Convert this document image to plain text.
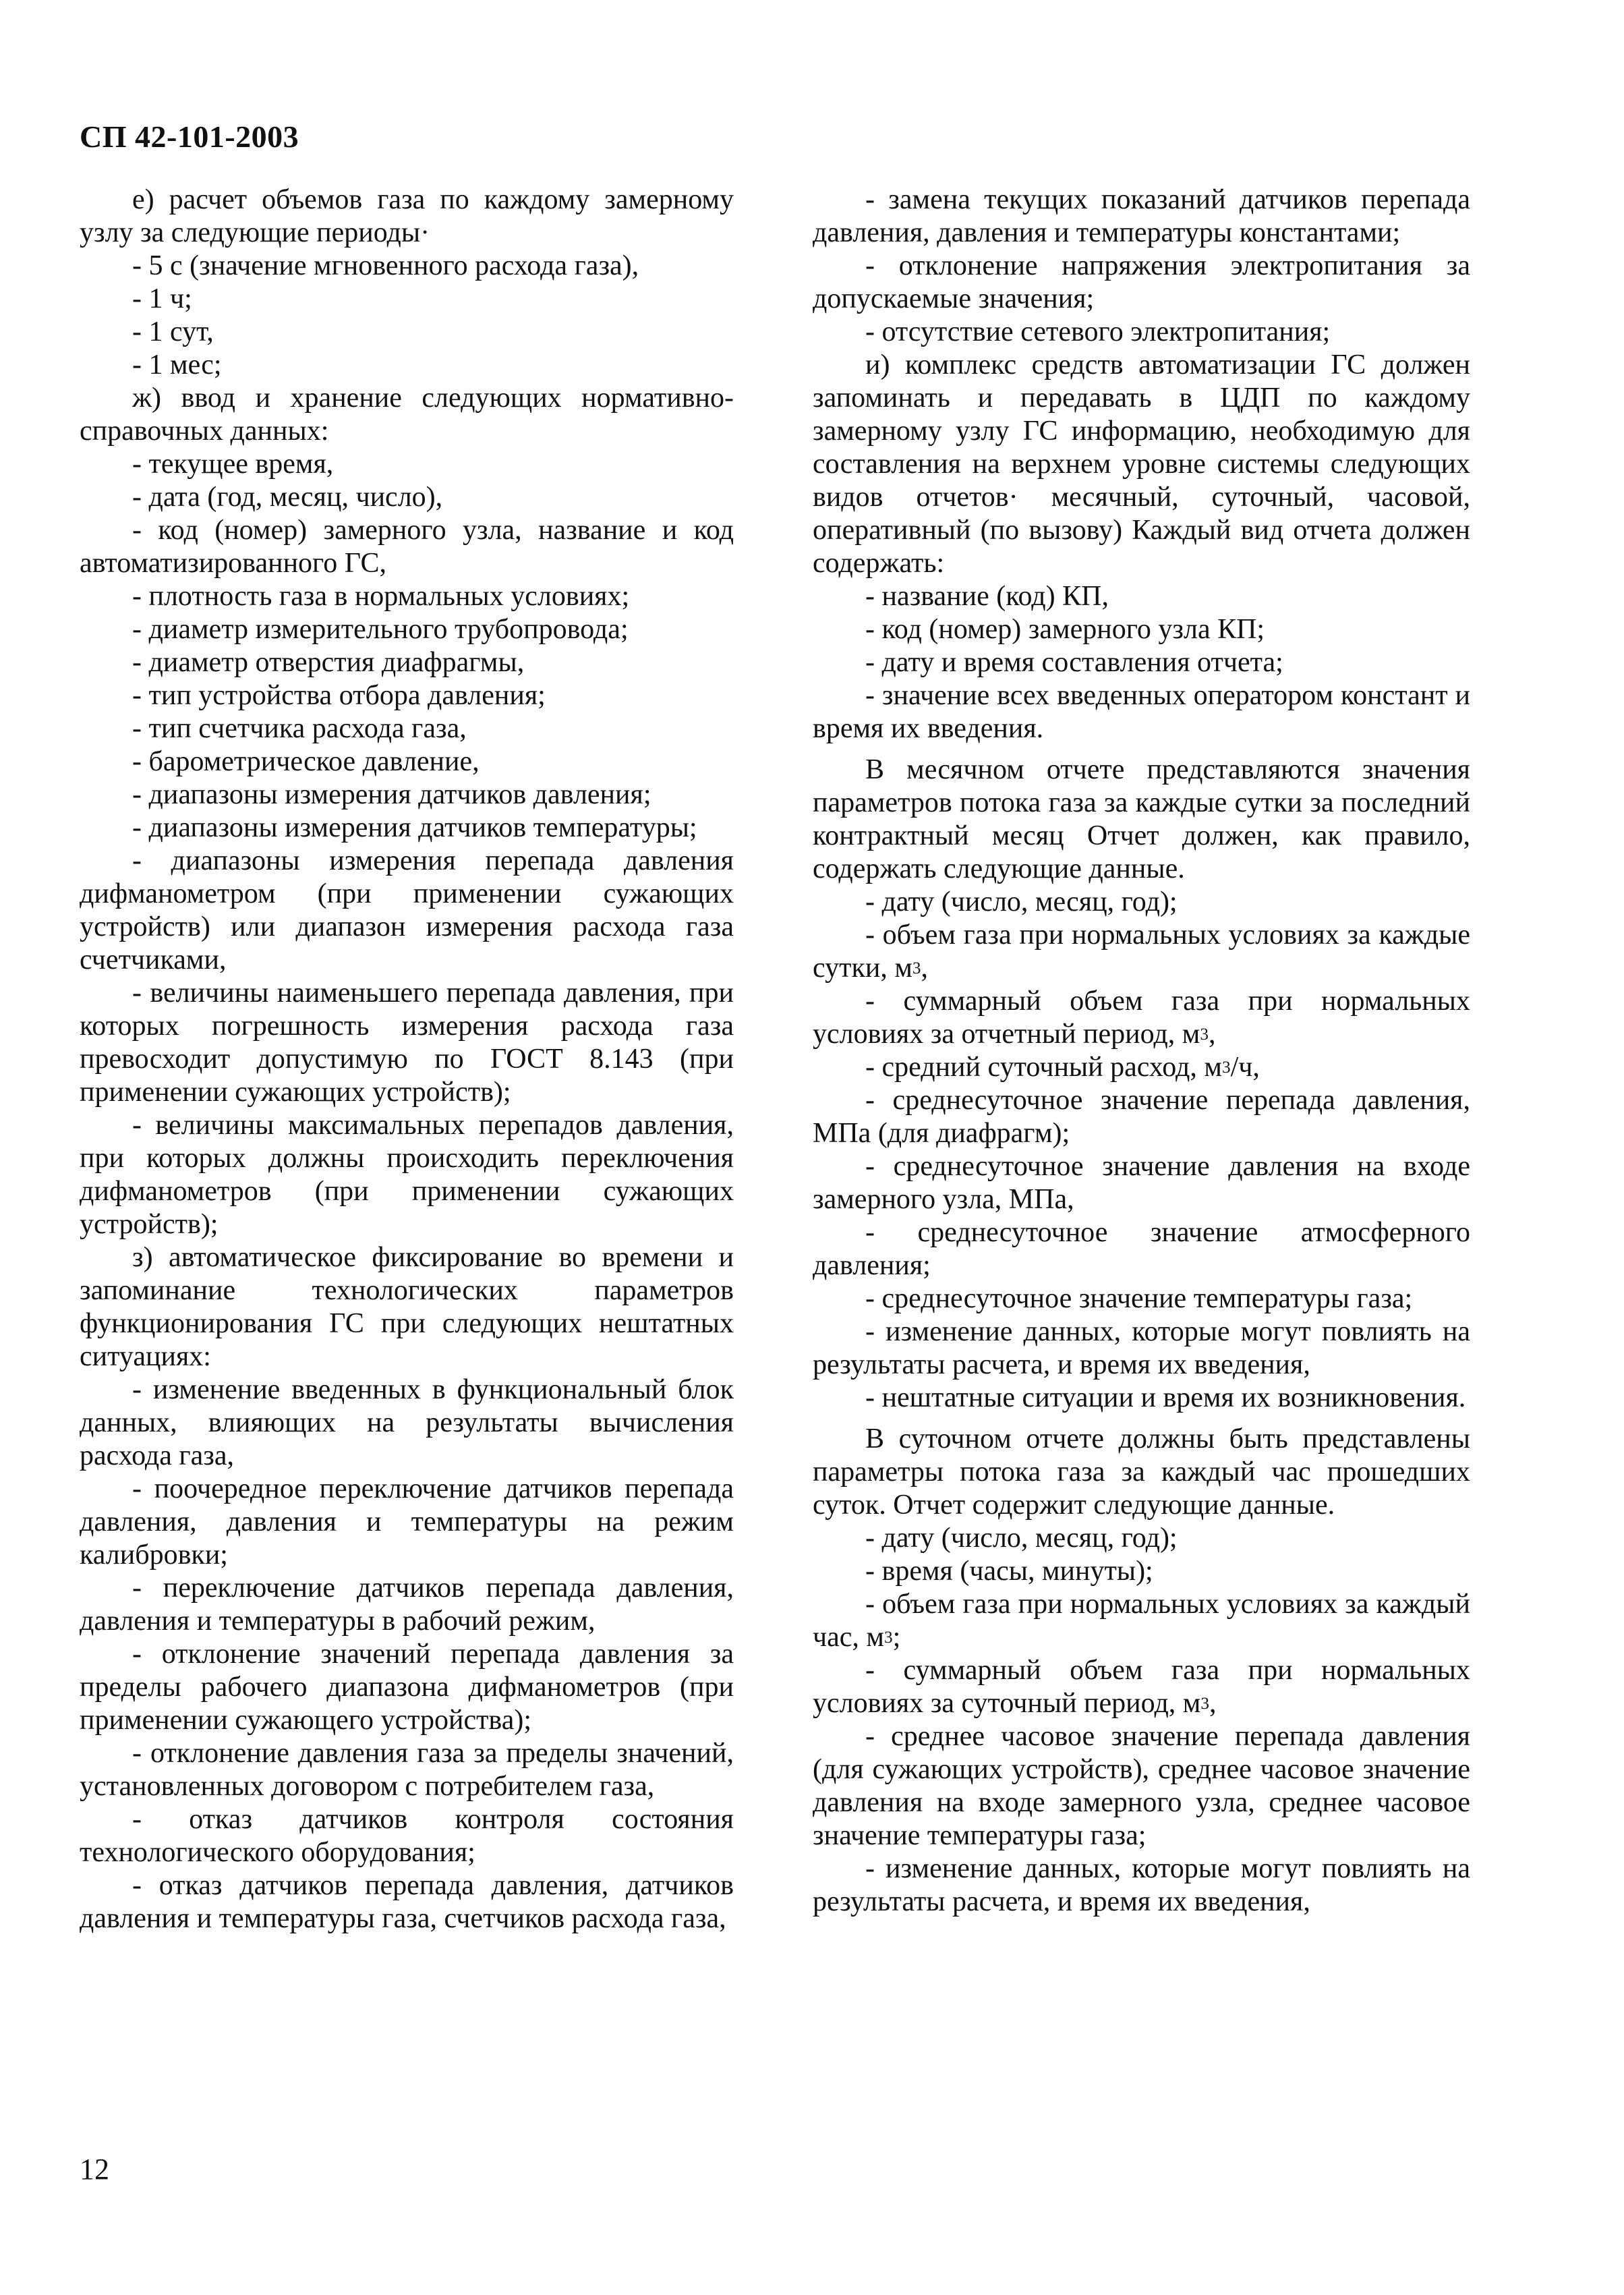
СП 42-101-2003

е) расчет объемов газа по каждому замерному узлу за следующие периоды·

- 5 с (значение мгновенного расхода газа),

- 1 ч;

- 1 сут,

- 1 мес;

ж) ввод и хранение следующих нормативно-справочных данных:

- текущее время,

- дата (год, месяц, число),

- код (номер) замерного узла, название и код автоматизированного ГС,

- плотность газа в нормальных условиях;

- диаметр измерительного трубопровода;

- диаметр отверстия диафрагмы,

- тип устройства отбора давления;

- тип счетчика расхода газа,

- барометрическое давление,

- диапазоны измерения датчиков давления;

- диапазоны измерения датчиков температуры;

- диапазоны измерения перепада давления дифманометром (при применении сужающих устройств) или диапазон измерения расхода газа счетчиками,

- величины наименьшего перепада давления, при которых погрешность измерения расхода газа превосходит допустимую по ГОСТ 8.143 (при применении сужающих устройств);

- величины максимальных перепадов давления, при которых должны происходить переключения дифманометров (при применении сужающих устройств);

з) автоматическое фиксирование во времени и запоминание технологических параметров функционирования ГС при следующих нештатных ситуациях:

- изменение введенных в функциональный блок данных, влияющих на результаты вычисления расхода газа,

- поочередное переключение датчиков перепада давления, давления и температуры на режим калибровки;

- переключение датчиков перепада давления, давления и температуры в рабочий режим,

- отклонение значений перепада давления за пределы рабочего диапазона дифманометров (при применении сужающего устройства);

- отклонение давления газа за пределы значений, установленных договором с потребителем газа,

- отказ датчиков контроля состояния технологического оборудования;

- отказ датчиков перепада давления, датчиков давления и температуры газа, счетчиков расхода газа,

- замена текущих показаний датчиков перепада давления, давления и температуры константами;

- отклонение напряжения электропитания за допускаемые значения;

- отсутствие сетевого электропитания;

и) комплекс средств автоматизации ГС должен запоминать и передавать в ЦДП по каждому замерному узлу ГС информацию, необходимую для составления на верхнем уровне системы следующих видов отчетов· месячный, суточный, часовой, оперативный (по вызову) Каждый вид отчета должен содержать:

- название (код) КП,

- код (номер) замерного узла КП;

- дату и время составления отчета;

- значение всех введенных оператором констант и время их введения.

В месячном отчете представляются значения параметров потока газа за каждые сутки за последний контрактный месяц Отчет должен, как правило, содержать следующие данные.

- дату (число, месяц, год);

- объем газа при нормальных условиях за каждые сутки, $м^3$,

- суммарный объем газа при нормальных условиях за отчетный период, $м^3$,

- средний суточный расход, $м^3/ч$,

- среднесуточное значение перепада давления, МПа (для диафрагм);

- среднесуточное значение давления на входе замерного узла, МПа,

- среднесуточное значение атмосферного давления;

- среднесуточное значение температуры газа;

- изменение данных, которые могут повлиять на результаты расчета, и время их введения,

- нештатные ситуации и время их возникновения.

В суточном отчете должны быть представлены параметры потока газа за каждый час прошедших суток. Отчет содержит следующие данные.

- дату (число, месяц, год);

- время (часы, минуты);

- объем газа при нормальных условиях за каждый час, $м^3$;

- суммарный объем газа при нормальных условиях за суточный период, $м^3$,

- среднее часовое значение перепада давления (для сужающих устройств), среднее часовое значение давления на входе замерного узла, среднее часовое значение температуры газа;

- изменение данных, которые могут повлиять на результаты расчета, и время их введения,

12
